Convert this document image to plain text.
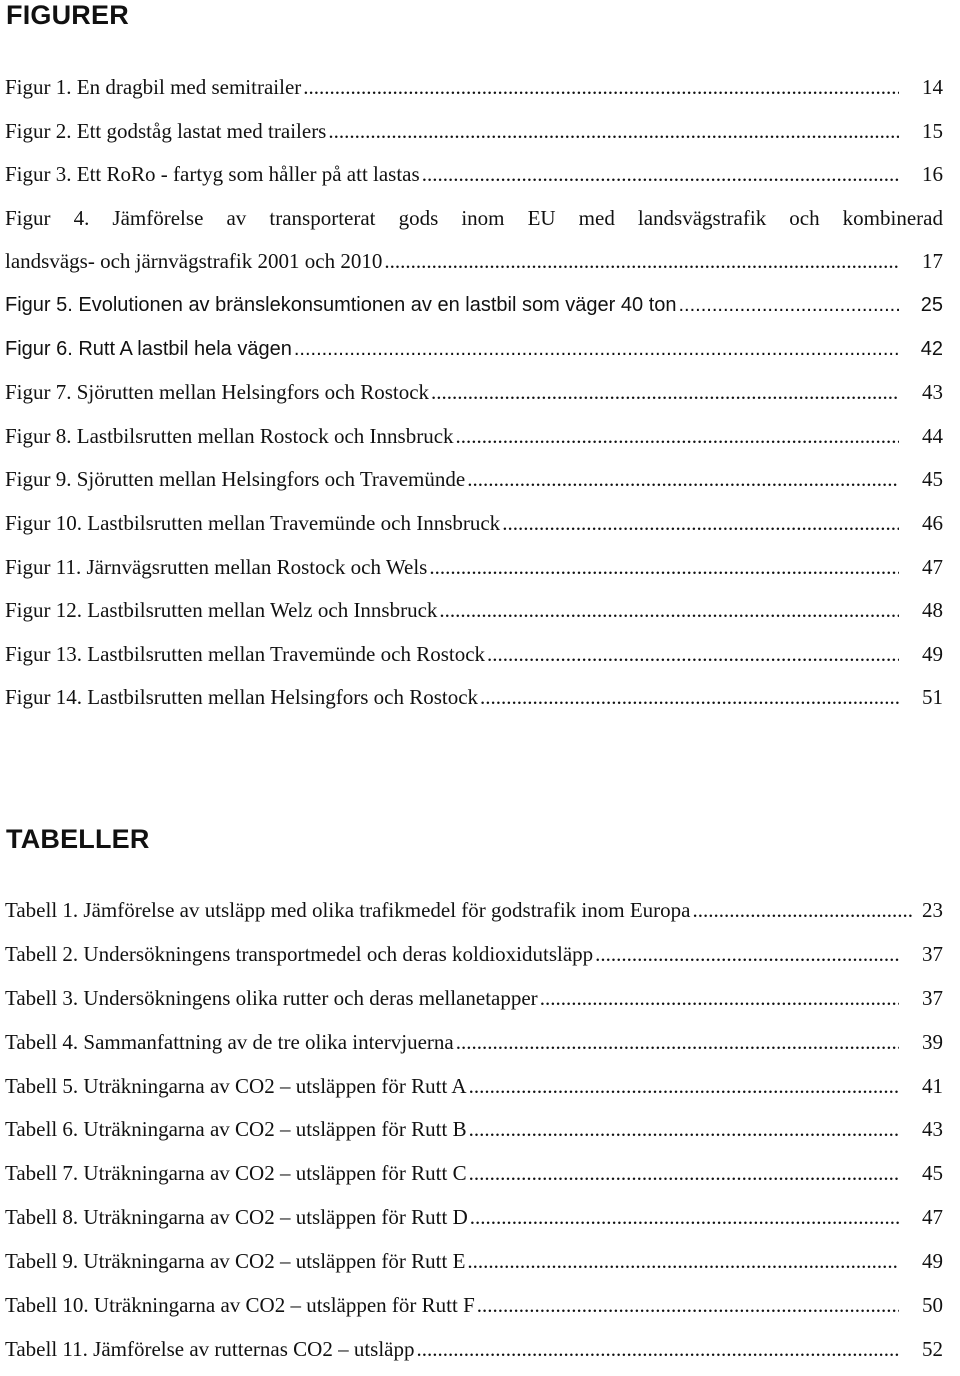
FIGURER
Figur 1. En dragbil med semitrailer .....	14
Figur 2. Ett godståg lastat med trailers .....	15
Figur 3. Ett RoRo - fartyg som håller på att lastas .....	16
Figur 4. Jämförelse av transporterat gods inom EU med landsvägstrafik och kombinerad
landsvägs- och järnvägstrafik 2001 och 2010 .....	17
Figur 5. Evolutionen av bränslekonsumtionen av en lastbil som väger 40 ton .....	25
Figur 6. Rutt A lastbil hela vägen .....	42
Figur 7. Sjörutten mellan Helsingfors och Rostock .....	43
Figur 8. Lastbilsrutten mellan Rostock och Innsbruck .....	44
Figur 9. Sjörutten mellan Helsingfors och Travemünde .....	45
Figur 10. Lastbilsrutten mellan Travemünde och Innsbruck .....	46
Figur 11. Järnvägsrutten mellan Rostock och Wels .....	47
Figur 12. Lastbilsrutten mellan Welz och Innsbruck .....	48
Figur 13. Lastbilsrutten mellan Travemünde och Rostock .....	49
Figur 14. Lastbilsrutten mellan Helsingfors och Rostock .....	51
TABELLER
Tabell 1. Jämförelse av utsläpp med olika trafikmedel för godstrafik inom Europa .....	23
Tabell 2. Undersökningens transportmedel och deras koldioxidutsläpp .....	37
Tabell 3. Undersökningens olika rutter och deras mellanetapper .....	37
Tabell 4. Sammanfattning av de tre olika intervjuerna .....	39
Tabell 5. Uträkningarna av CO2 – utsläppen för Rutt A .....	41
Tabell 6. Uträkningarna av CO2 – utsläppen för Rutt B .....	43
Tabell 7. Uträkningarna av CO2 – utsläppen för Rutt C .....	45
Tabell 8. Uträkningarna av CO2 – utsläppen för Rutt D .....	47
Tabell 9. Uträkningarna av CO2 – utsläppen för Rutt E .....	49
Tabell 10. Uträkningarna av CO2 – utsläppen för Rutt F .....	50
Tabell 11. Jämförelse av rutternas CO2 – utsläpp .....	52
